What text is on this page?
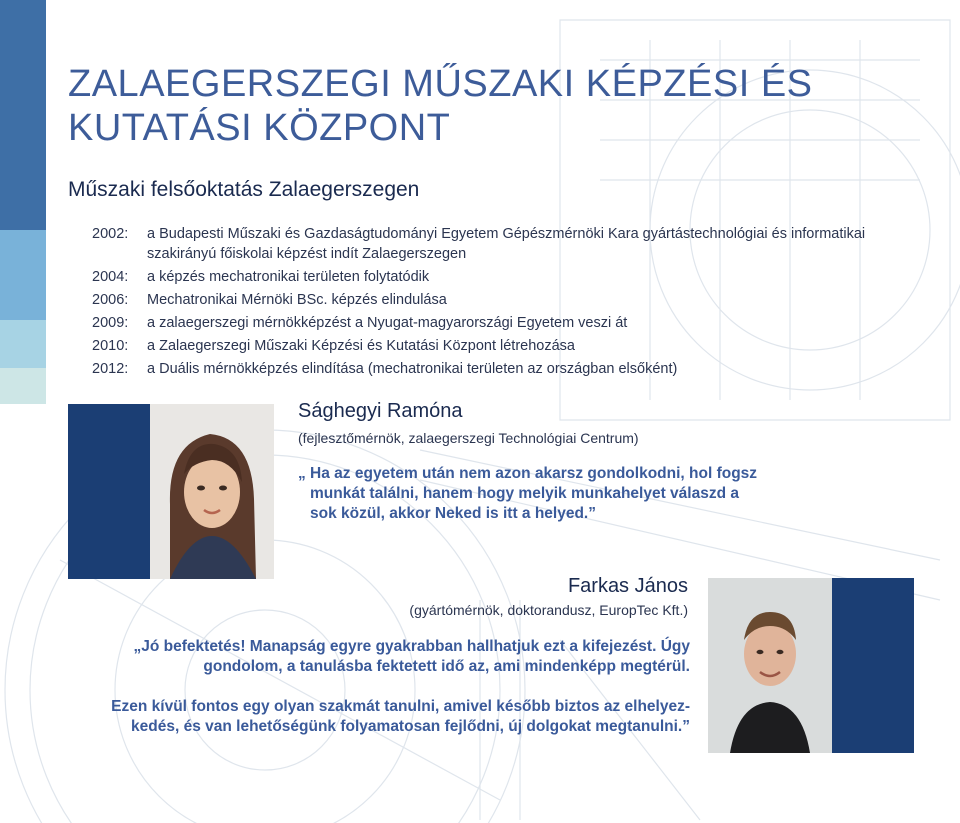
ZALAEGERSZEGI MŰSZAKI KÉPZÉSI ÉS KUTATÁSI KÖZPONT
Műszaki felsőoktatás Zalaegerszegen
2002:	a Budapesti Műszaki és Gazdaságtudományi Egyetem Gépészmérnöki Kara gyártástechnológiai és informatikai szakirányú főiskolai képzést indít Zalaegerszegen
2004:	a képzés mechatronikai területen folytatódik
2006:	Mechatronikai Mérnöki BSc. képzés elindulása
2009:	a zalaegerszegi mérnökképzést a Nyugat-magyarországi Egyetem veszi át
2010:	a Zalaegerszegi Műszaki Képzési és Kutatási Központ létrehozása
2012:	a Duális mérnökképzés elindítása (mechatronikai területen az országban elsőként)
Sághegyi Ramóna
(fejlesztőmérnök, zalaegerszegi Technológiai Centrum)

„ Ha az egyetem után nem azon akarsz gondolkodni, hol fogsz munkát találni, hanem hogy melyik munkahelyet válaszd a sok közül, akkor Neked is itt a helyed.”

Farkas János
(gyártómérnök, doktorandusz, EuropTec Kft.)

„Jó befektetés! Manapság egyre gyakrabban hallhatjuk ezt a kifejezést. Úgy gondolom, a tanulásba fektetett idő az, ami mindenképp megtérül.

Ezen kívül fontos egy olyan szakmát tanulni, amivel később biztos az elhelyez-kedés, és van lehetőségünk folyamatosan fejlődni, új dolgokat megtanulni.”
